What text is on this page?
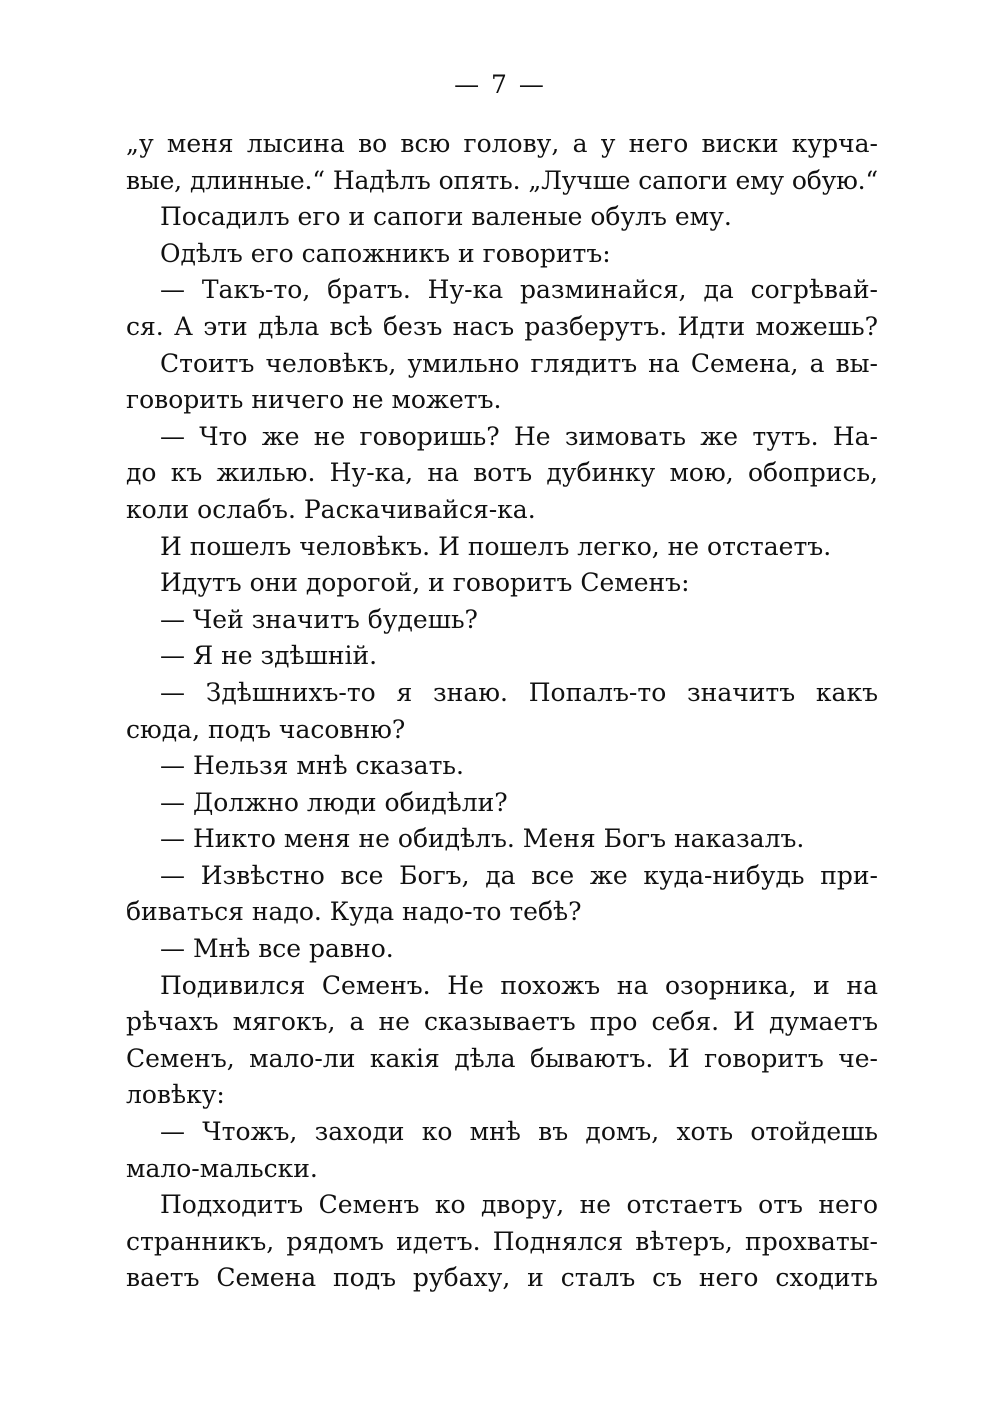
— 7 —
„у меня лысина во всю голову, а у него виски курча-
вые, длинные.“ Надѣлъ опять. „Лучше сапоги ему обую.“
Посадилъ его и сапоги валеные обулъ ему.
Одѣлъ его сапожникъ и говоритъ:
— Такъ-то, братъ. Ну-ка разминайся, да согрѣвай-
ся. А эти дѣла всѣ безъ насъ разберутъ. Идти можешь?
Стоитъ человѣкъ, умильно глядитъ на Семена, а вы-
говорить ничего не можетъ.
— Что же не говоришь? Не зимовать же тутъ. На-
до къ жилью. Ну-ка, на вотъ дубинку мою, обопрись,
коли ослабъ. Раскачивайся-ка.
И пошелъ человѣкъ. И пошелъ легко, не отстаетъ.
Идутъ они дорогой, и говоритъ Семенъ:
— Чей значитъ будешь?
— Я не здѣшній.
— Здѣшнихъ-то я знаю. Попалъ-то значитъ какъ
сюда, подъ часовню?
— Нельзя мнѣ сказать.
— Должно люди обидѣли?
— Никто меня не обидѣлъ. Меня Богъ наказалъ.
— Извѣстно все Богъ, да все же куда-нибудь при-
биваться надо. Куда надо-то тебѣ?
— Мнѣ все равно.
Подивился Семенъ. Не похожъ на озорника, и на
рѣчахъ мягокъ, а не сказываетъ про себя. И думаетъ
Семенъ, мало-ли какія дѣла бываютъ. И говоритъ че-
ловѣку:
— Чтожъ, заходи ко мнѣ въ домъ, хоть отойдешь
мало-мальски.
Подходитъ Семенъ ко двору, не отстаетъ отъ него
странникъ, рядомъ идетъ. Поднялся вѣтеръ, прохваты-
ваетъ Семена подъ рубаху, и сталъ съ него сходить
